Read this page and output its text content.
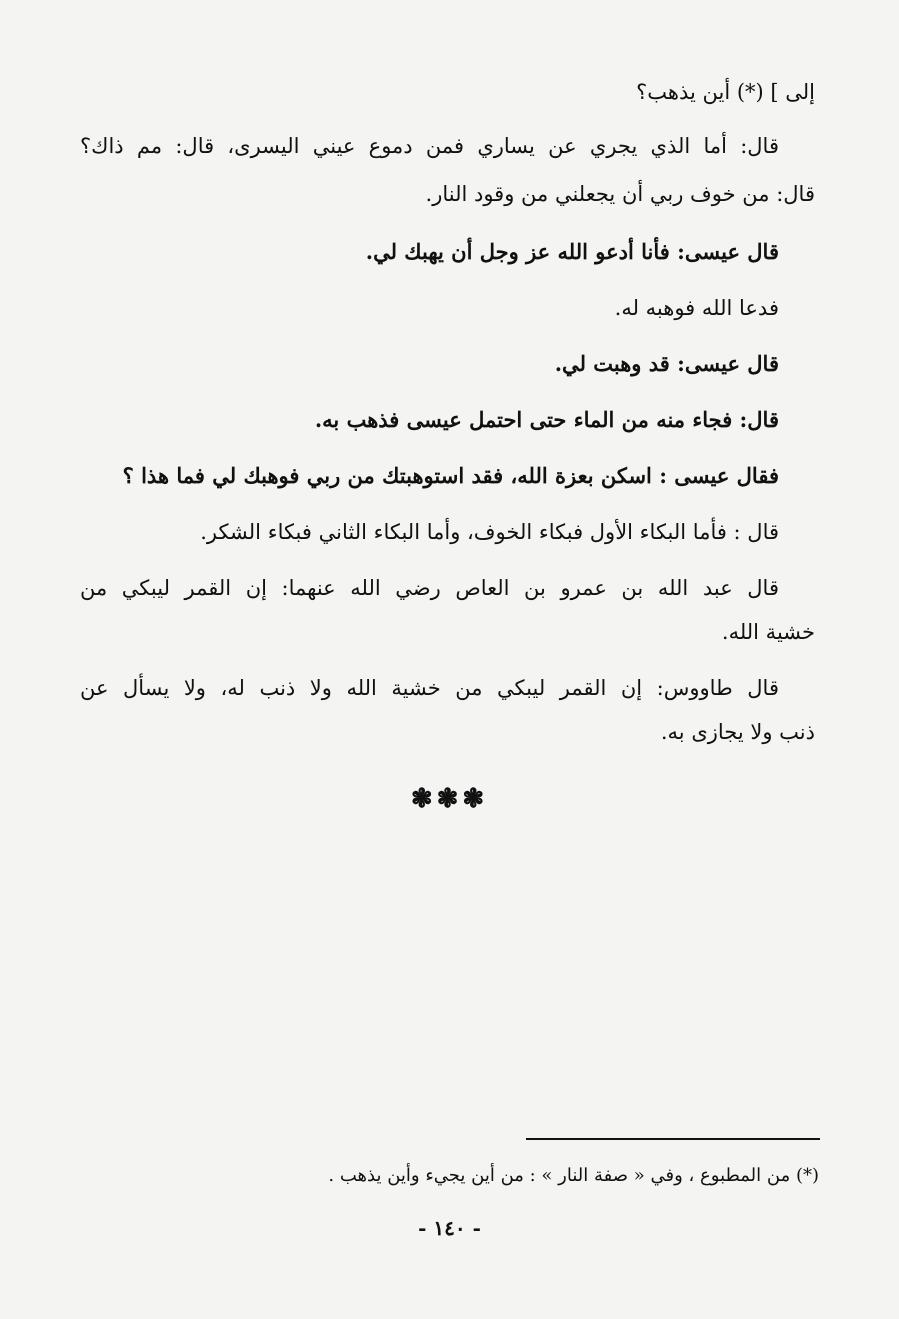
إلى ] (*) أين يذهب؟
قال: أما الذي يجري عن يساري فمن دموع عيني اليسرى، قال: مم ذاك؟
قال: من خوف ربي أن يجعلني من وقود النار.
قال عيسى: فأنا أدعو الله عز وجل أن يهبك لي.
فدعا الله فوهبه له.
قال عيسى: قد وهبت لي.
قال: فجاء منه من الماء حتى احتمل عيسى فذهب به.
فقال عيسى : اسكن بعزة الله، فقد استوهبتك من ربي فوهبك لي فما هذا ؟
قال : فأما البكاء الأول فبكاء الخوف، وأما البكاء الثاني فبكاء الشكر.
قال عبد الله بن عمرو بن العاص رضي الله عنهما: إن القمر ليبكي من
خشية الله.
قال طاووس: إن القمر ليبكي من خشية الله ولا ذنب له، ولا يسأل عن
ذنب ولا يجازى به.
❃❃❃
(*) من المطبوع ، وفي « صفة النار » : من أين يجيء وأين يذهب .
- ١٤٠ -
